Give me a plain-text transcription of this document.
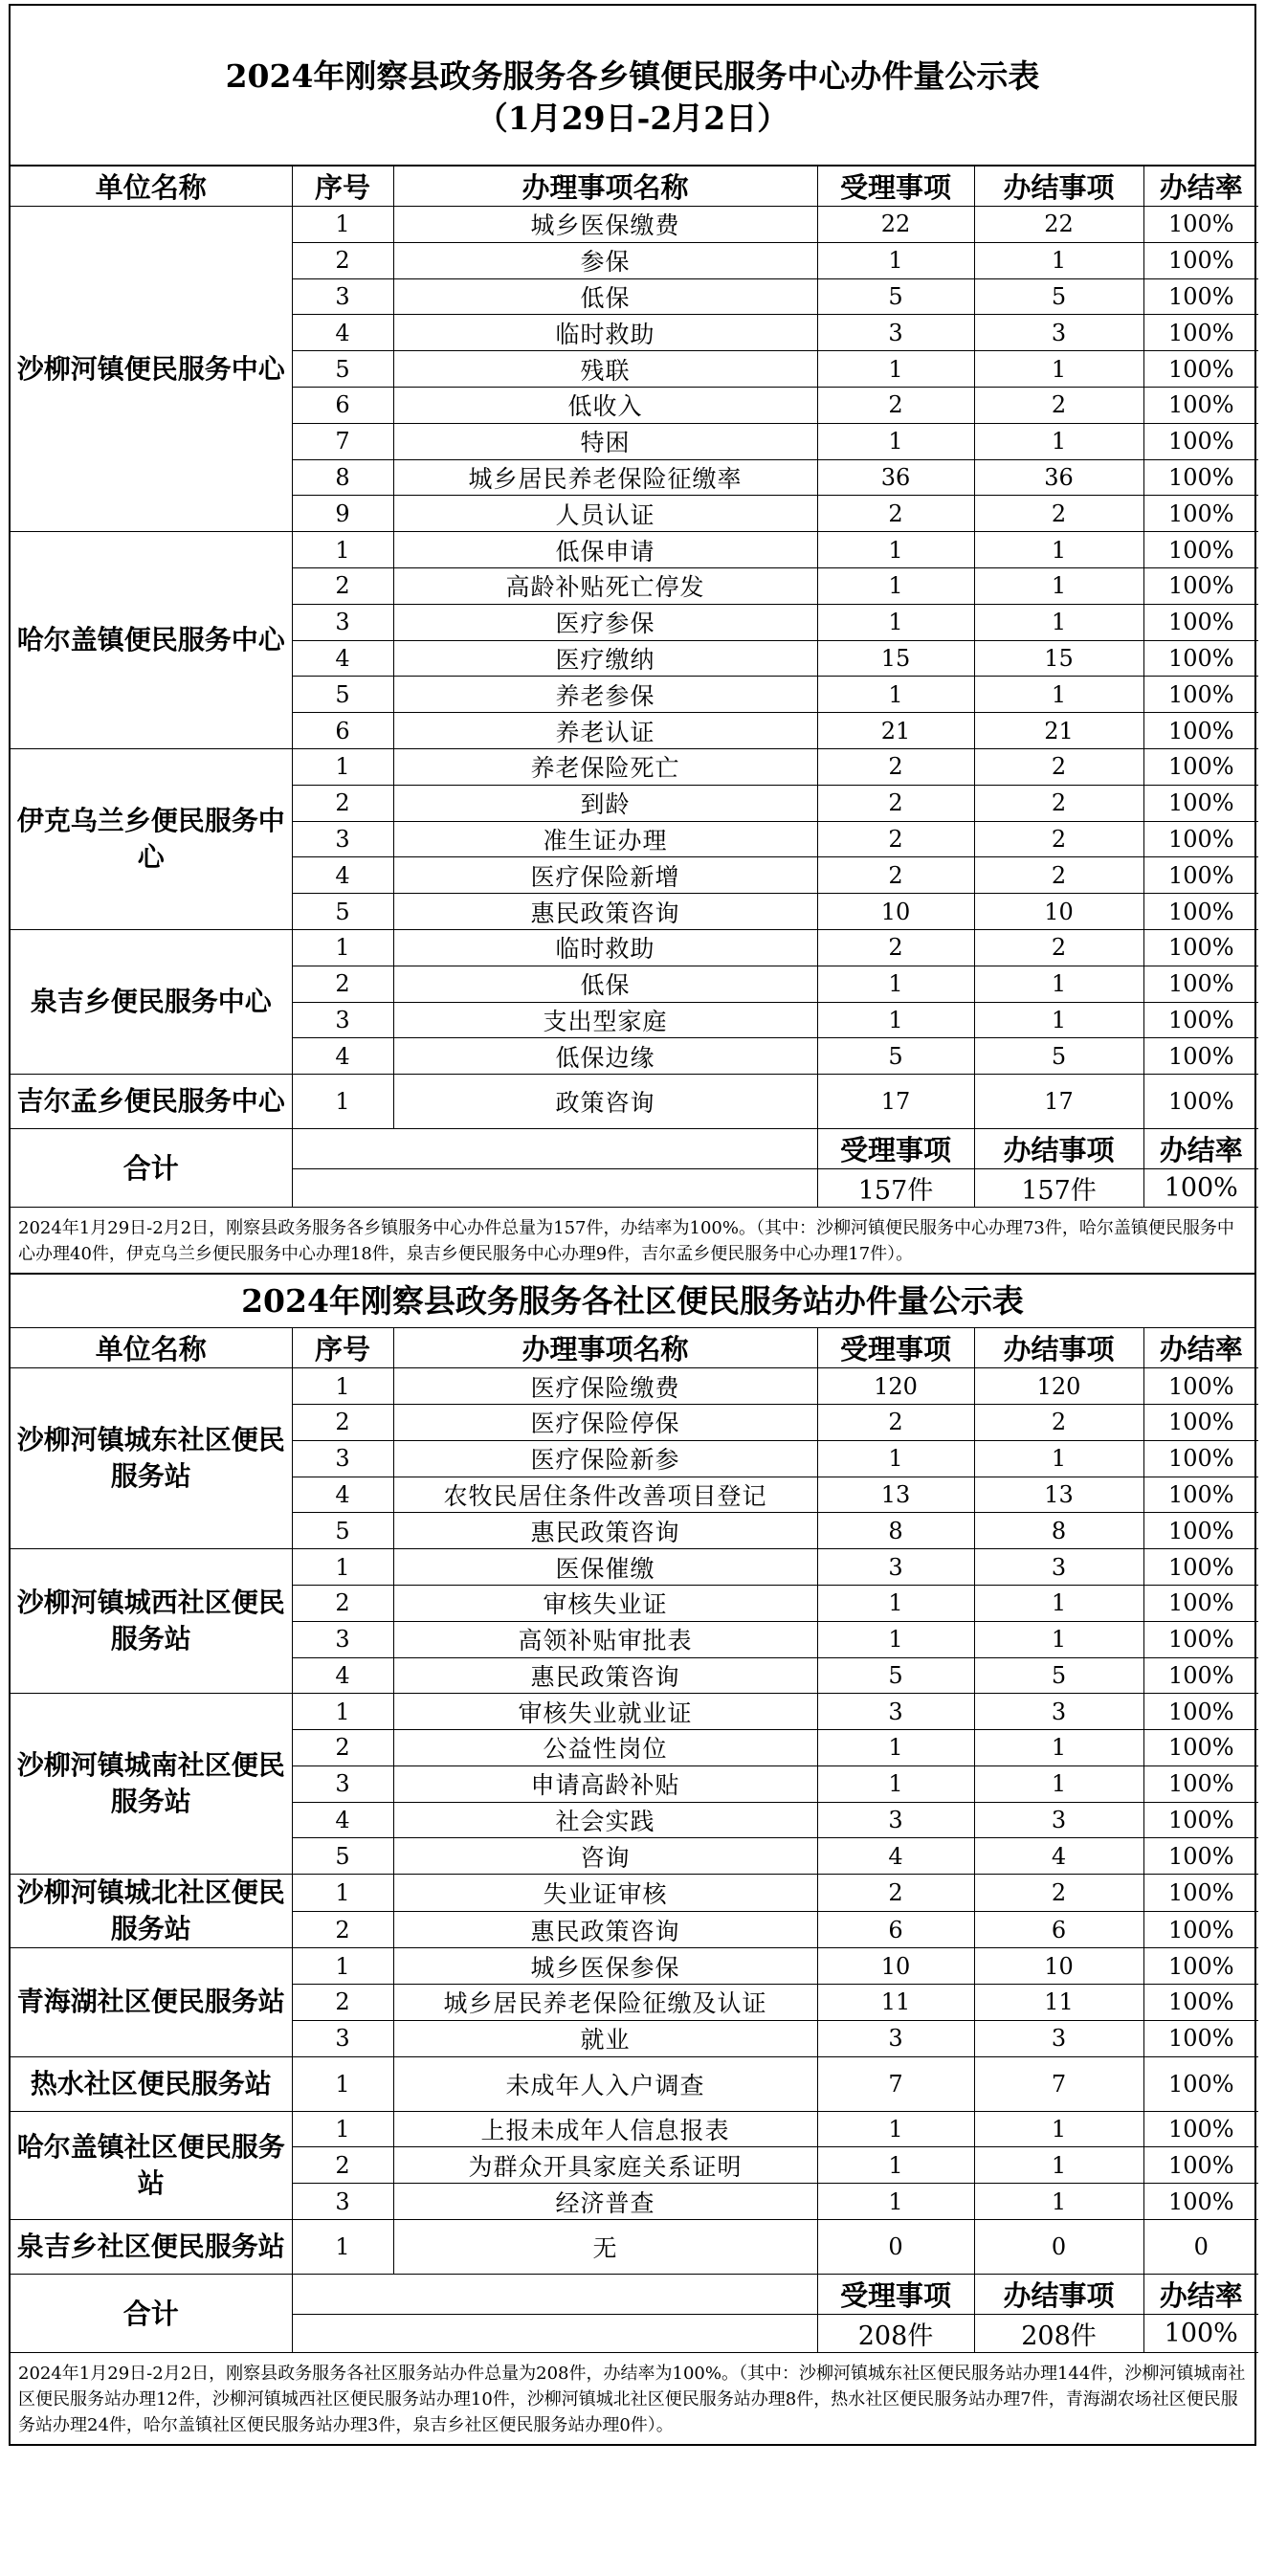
2024年刚察县政务服务各乡镇便民服务中心办件量公示表
（1月29日-2月2日）
单位名称	序号	办理事项名称	受理事项	办结事项	办结率
沙柳河镇便民服务中心	1	城乡医保缴费	22	22	100%
	2	参保	1	1	100%
	3	低保	5	5	100%
	4	临时救助	3	3	100%
	5	残联	1	1	100%
	6	低收入	2	2	100%
	7	特困	1	1	100%
	8	城乡居民养老保险征缴率	36	36	100%
	9	人员认证	2	2	100%
哈尔盖镇便民服务中心	1	低保申请	1	1	100%
	2	高龄补贴死亡停发	1	1	100%
	3	医疗参保	1	1	100%
	4	医疗缴纳	15	15	100%
	5	养老参保	1	1	100%
	6	养老认证	21	21	100%
伊克乌兰乡便民服务中心	1	养老保险死亡	2	2	100%
	2	到龄	2	2	100%
	3	准生证办理	2	2	100%
	4	医疗保险新增	2	2	100%
	5	惠民政策咨询	10	10	100%
泉吉乡便民服务中心	1	临时救助	2	2	100%
	2	低保	1	1	100%
	3	支出型家庭	1	1	100%
	4	低保边缘	5	5	100%
吉尔孟乡便民服务中心	1	政策咨询	17	17	100%
合计			受理事项	办结事项	办结率
			157件	157件	100%
2024年1月29日-2月2日，刚察县政务服务各乡镇服务中心办件总量为157件，办结率为100%。（其中：沙柳河镇便民服务中心办理73件，哈尔盖镇便民服务中心办理40件，伊克乌兰乡便民服务中心办理18件，泉吉乡便民服务中心办理9件，吉尔孟乡便民服务中心办理17件）。
2024年刚察县政务服务各社区便民服务站办件量公示表
单位名称	序号	办理事项名称	受理事项	办结事项	办结率
沙柳河镇城东社区便民服务站	1	医疗保险缴费	120	120	100%
	2	医疗保险停保	2	2	100%
	3	医疗保险新参	1	1	100%
	4	农牧民居住条件改善项目登记	13	13	100%
	5	惠民政策咨询	8	8	100%
沙柳河镇城西社区便民服务站	1	医保催缴	3	3	100%
	2	审核失业证	1	1	100%
	3	高领补贴审批表	1	1	100%
	4	惠民政策咨询	5	5	100%
沙柳河镇城南社区便民服务站	1	审核失业就业证	3	3	100%
	2	公益性岗位	1	1	100%
	3	申请高龄补贴	1	1	100%
	4	社会实践	3	3	100%
	5	咨询	4	4	100%
沙柳河镇城北社区便民服务站	1	失业证审核	2	2	100%
	2	惠民政策咨询	6	6	100%
青海湖社区便民服务站	1	城乡医保参保	10	10	100%
	2	城乡居民养老保险征缴及认证	11	11	100%
	3	就业	3	3	100%
热水社区便民服务站	1	未成年人入户调查	7	7	100%
哈尔盖镇社区便民服务站	1	上报未成年人信息报表	1	1	100%
	2	为群众开具家庭关系证明	1	1	100%
	3	经济普查	1	1	100%
泉吉乡社区便民服务站	1	无	0	0	0
合计			受理事项	办结事项	办结率
			208件	208件	100%
2024年1月29日-2月2日，刚察县政务服务各社区服务站办件总量为208件，办结率为100%。（其中：沙柳河镇城东社区便民服务站办理144件，沙柳河镇城南社区便民服务站办理12件，沙柳河镇城西社区便民服务站办理10件，沙柳河镇城北社区便民服务站办理8件，热水社区便民服务站办理7件，青海湖农场社区便民服务站办理24件，哈尔盖镇社区便民服务站办理3件，泉吉乡社区便民服务站办理0件）。
